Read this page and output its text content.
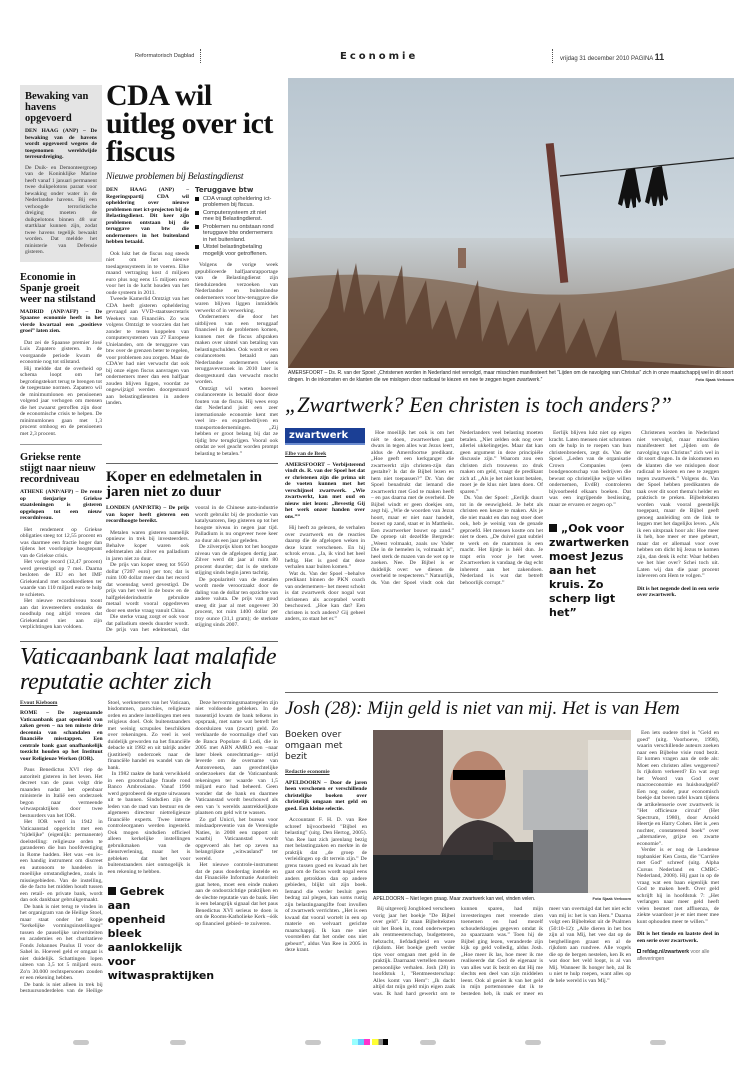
Reformatorisch Dagblad	Economie	vrijdag 31 december 2010 PAGINA 11
Bewaking van havens opgevoerd
DEN HAAG (ANP) – De bewaking van de havens wordt opgevoerd wegens de toegenomen wereldwijde terreurdreiging.
De Duik- en Demonteergroep van de Koninklijke Marine heeft vanaf 1 januari permanent twee duikpelotons paraat voor bewaking onder water in de Nederlandse havens. Bij een verhoogde terroristische dreiging moeten de duikpelotons binnen 48 uur startklaar kunnen zijn, zodat twee havens tegelijk bewaakt worden. Dat meldde het ministerie van Defensie gisteren.
Economie in Spanje groeit weer na stilstand

MADRID (ANP/AFP) – De Spaanse economie heeft in het vierde kwartaal een „positieve groei” laten zien.

Dat zei de Spaanse premier José Luis Zapatero gisteren. In de voorgaande periode kwam de economie nog tot stilstand.

Hij meldde dat de overheid op schema loopt om het begrotingstekort terug te brengen tot de toegestane normen. Zapatero wil de minimumlonen en pensioenen volgend jaar verhogen om mensen die het zwaarst getroffen zijn door de economische crisis te helpen. De minimumlonen gaan met 1,3 procent omhoog en de pensioenen met 2,3 procent.

Griekse rente stijgt naar nieuw recordniveau

ATHENE (ANP/AFP) – De rente op tienjarige Griekse staatsleningen is gisteren opgelopen tot een nieuw recordniveau.

Het rendement op Griekse obligaties steeg tot 12,55 procent en was daarmee een fractie hoger dan tijdens het voorlopige hoogtepunt van de Griekse crisis.

Het vorige record (12,47 procent) werd gevestigd op 7 mei. Daarna besloten de EU en het IMF Griekenland met noodkredieten ter waarde van 110 miljard euro te hulp te schieten.

Het nieuwe recordniveau toont aan dat investeerders ondanks de noodhulp nog altijd vrezen dat Griekenland niet aan zijn verplichtingen kan voldoen.

CDA wil uitleg over ict fiscus
Nieuwe problemen bij Belastingdienst

DEN HAAG (ANP) – Regeringspartij CDA wil opheldering over nieuwe problemen met ict-projecten bij de Belastingdienst. Dit keer zijn problemen ontstaan bij de teruggave van btw die ondernemers in het buitenland hebben betaald.

Ook lukt het de fiscus nog steeds niet om het nieuwe toeslagensysteem in te voeren. Elke maand vertraging kost 4 miljoen euro plus nog eens 15 miljoen euro voor het in de lucht houden van het oude systeem in 2011.

Tweede Kamerlid Omtzigt van het CDA heeft gisteren opheldering gevraagd aan VVD-staatssecretaris Weekers van Financiën. Zo was volgens Omtzigt te voorzien dat het zonder te testen koppelen van computersystemen van 27 Europese Unielanden, om de teruggave van btw over de grenzen beter te regelen, voor problemen zou zorgen. Maar de CDA'er had niet verwacht dat ook bij onze eigen fiscus aanvragen van ondernemers meer dan een halfjaar zouden blijven liggen, voordat ze ongewijzigd werden doorgestuurd aan belastingdiensten in andere landen.

Teruggave btw
CDA vraagt opheldering ict-problemen bij fiscus.
Computersysteem zit niet mee bij Belastingdienst.
Problemen nu ontstaan rond teruggave btw ondernemers in het buitenland.
Uitstel belastingbetaling mogelijk voor getroffenen.

Volgens de vorige week gepubliceerde halfjaarsrapportage van de Belastingdienst zijn tienduizenden verzoeken van Nederlandse en buitenlandse ondernemers voor btw-teruggave die waren blijven liggen inmiddels verwerkt of in verwerking.

Ondernemers die door het uitblijven van een teruggaaf financieel in de problemen komen, kunnen met de fiscus afspraken maken over uitstel van betaling van belastingschulden. Ook wordt er een coulancetoets betaald aan Nederlandse ondernemers wiens teruggaveverzoek in 2010 later is doorgestuurd dan verwacht mocht worden.

Omtzigt wil weten hoeveel coulancerente is betaald door deze fouten van de fiscus. Hij wees erop dat Nederland juist een zeer internationale economie kent met veel im- en exportbedrijven en transportondernemingen. „Zij hebben er groot belang bij dat ze tijdig btw terugkrijgen. Vooral ook omdat ze wel geacht worden prompt belasting te betalen.”

Koper en edelmetalen in jaren niet zo duur

LONDEN (ANP/RTR) – De prijs van koper heeft gisteren een recordhoogte bereikt.

Metalen waren gisteren namelijk opnieuw in trek bij investeerders. Behalve koper waren ook edelmetalen als zilver en palladium in jaren niet zo duur.

De prijs van koper steeg tot 9550 dollar (7207 euro) per ton; dat is ruim 100 dollar meer dan het record dat woensdag werd gevestigd. De prijs van het veel in de bouw en de halfgeleiderindustrie gebruikte metaal wordt vooral opgedreven door een sterke vraag vanuit China.

Die sterke vraag zorgt er ook voor dat palladium steeds duurder wordt. De prijs van het edelmetaal, dat vooral in de Chinese auto-industrie wordt gebruikt bij de productie van katalysatoren, liep gisteren op tot het hoogste niveau in negen jaar tijd. Palladium is nu ongeveer twee keer zo duur als een jaar geleden.

De zilverprijs klom tot het hoogste niveau van de afgelopen dertig jaar. Zilver werd dit jaar al ruim 80 procent duurder; dat is de sterkste stijging sinds begin jaren tachtig.

De populariteit van de metalen wordt mede veroorzaakt door de daling van de dollar ten opzichte van andere valuta. De prijs van goud steeg dit jaar al met ongeveer 30 procent, tot ruim 1400 dollar per troy ounce (31,1 gram); de sterkste stijging sinds 2007.

Vaticaanbank laat malafide reputatie achter zich

Evout Kieboom

ROME – De zogenaamde Vaticaanbank gaat openheid van zaken geven – na ten minste drie decennia van schandalen en financiële misstappen. Een centrale bank gaat onafhankelijk toezicht houden op het Instituut voor Religieuze Werken (IOR).

Paus Benedictus XVI riep de autoriteit gisteren in het leven. Het decreet van de paus volgt drie maanden nadat het openbaar ministerie in Italië een onderzoek begon naar vermeende witwaspraktijken door twee bestuurders van het IOR.

Het IOR werd in 1942 in Vaticaanstad opgericht met een "tijdelijke" (eigenlijk: permanente) doelstelling: religieuze orden te garanderen die hun hoofdvestiging in Rome hadden. Het was –en is– een handig instrument om discreet en autonoom te handelen in moeilijke omstandigheden, zoals in missiegebieden. Van de instelling, die de facto het midden houdt tussen een retail- en private bank, wordt dan ook dankbaar gebruikgemaakt.

De bank is niet terug te vinden in het organigram van de Heilige Stoel, maar staat onder het kopje "kerkelijke vormingsinstellingen" tussen de pauselijke universiteiten en academies en het charitatieve Fonds Johannes Paulus II voor de Sahel in. Hoeveel geld er omgaat is niet duidelijk. Schattingen lopen uiteen van 3,5 tot 5 miljard euro. Zo'n 30.000 rechtspersonen zouden er een rekening hebben.

De bank is niet alleen in trek bij bestuursonderdelen van de Heilige Stoel, werknemers van het Vaticaan, bisdommen, parochies, religieuze orden en andere instellingen met een religieus doel. Ook buitenstaanders met weinig scrupules beschikken over rekeningen. Zo veel is wel duidelijk geworden na het financiële debacle uit 1982 en uit talrijk ander (justitieel) onderzoek naar de financiële handel en wandel van de bank.

In 1982 raakte de bank verwikkeld in een grootschalige fraude rond Banco Ambrosiano. Vanaf 1990 werd geprobeerd de ergste uitwassen uit te bannen. Sindsdien zijn de leden van de raad van bestuur en de algemeen directeur nietreligieuze financiële experts. Twee interne controleorganen werden ingesteld. Ook mogen sindsdien officieel alleen kerkelijke instellingen gebruikmaken van de dienstverlening, maar het is gebleken dat het voor buitenstaanders niet onmogelijk is een rekening te hebben.

Gebrek aan openheid bleek aanlokkelijk voor witwaspraktijken

Deze hervormingsmaatregelen zijn niet voldoende gebleken. In de tussentijd kwam de bank telkens in opspraak, met name wat betreft het doorsluizen van (zwart) geld. Zo verklaarde de voormalige chef van de Banca Popolare di Lodi, die in 2005 met ABN AMRO een –naar later bleek onrechtmatige– strijd leverde om de overname van Antonveneta, aan gerechtelijke onderzoekers dat de Vaticaanbank rekeningen ter waarde van 1,5 miljard euro had beheerd. Geen wonder dat de bank en daarmee Vaticaanstad wordt beschouwd als een van 's werelds aantrekkelijkste plaatsen om geld wit te wassen.

Zo gaf Unicri, het bureau voor misdaadpreventie van de Verenigde Naties, in 2008 een rapport uit waarbij Vaticaanstad wordt opgevoerd als het op zeven na belangrijkste „witwasland” ter wereld.

Het nieuwe controle-instrument dat de paus donderdag instelde en dat Financiële Informatie Autoriteit gaat heten, moet een einde maken aan de ondoorzichtige praktijken en de slechte reputatie van de bank. Het is een belangrijk signaal dat het paus Benedictus XVI serieus te doen is om de Rooms-Katholieke Kerk –óók op financieel gebied– te zuiveren.

AMERSFOORT – Ds. R. van der Spoel: „Christenen worden in Nederland niet vervolgd, maar misschien manifesteert het "Lijden om de navolging van Christus" zich in onze maatschappij wel in dit soort dingen. In de inkomsten en de klanten die we mislopen door radicaal te kiezen en nee te zeggen tegen zwartwerk.”	Foto Sjaak Verboom
„Zwartwerk? Een christen is toch anders?”
zwartwerk

Elbe van de Beek

AMERSFOORT – Verbijsterend vindt ds. R. van der Spoel het dat er christenen zijn die prima uit de voeten kunnen met het verschijnsel zwartwerk. „Wie zwartwerkt, kan met oud en nieuw niet lezen: „Bevestig Gij het werk onzer handen over ons.””

Hij heeft zo gelezen, de verhalen over zwartwerk en de reacties daarop die de afgelopen weken in deze krant verschenen. En hij schrok ervan. „Ja, ik vind het heel heftig. Het is goed dat deze verhalen naar buiten komen.”

Wat ds. Van der Spoel –behalve predikant binnen de PKN coach van ondernemers– het meest schokt is dat zwartwerk door nogal wat christenen als acceptabel wordt beschouwd. „Hoe kan dat? Een christen is toch anders? Gij geheel anders, zo staat het er.”

Hoe moeilijk het ook is om het níét te doen, zwartwerken gaat dwars in tegen alles wat Jezus leert, aldus de Amersfoortse predikant. „Hoe geeft een kerkganger die zwartwerkt zijn christen-zijn dan gestalte? Is dat de Bijbel lezen en hem niet toepassen?” Dr. Van der Spoel benadrukt dat iemand die zwartwerkt met God te maken heeft – en pas daarna met de overheid. De Bijbel windt er geen doekjes om, zegt hij. „Wie de woorden van Jezus hoort, maar er niet naar handelt, bouwt op zand, staat er in Mattheüs. Een zwartwerker bouwt op zand.” De oproep uit dezelfde Bergrede: „Weest volmaakt, zoals uw Vader Die in de hemelen is, volmaakt is”, heel sterk de mazen van de wet op te zoeken. Nee. De Bijbel is er duidelijk over: we dienen de overheid te respecteren.” Natuurlijk, ds. Van der Spoel vindt ook dat Nederlanders veel belasting moeten betalen. „Niet zelden ook nog over allerlei ukkelingetjes. Maar dat kan geen argument in deze principiële discussie zijn.” Waarom zou een christen zich trouwens zo druk maken om geld, vraagt de predikant zich af. „Als je het niet kunt betalen, moet je de klus niet laten doen. Of sparen.”

Ds. Van der Spoel: „Eerlijk duurt tot in de eeuwigheid. Je hebt als christen een keuze te maken. Als je die niet maakt en dan nog stoer doet ook, heb je weinig van de genade geproefd. Het mensen kostte om het niet te doen. „De duivel gaat subtiel te werk en de mammon is een macht. Het lijntje is héél dun. Je trapt erin voor je het weet. Zwartwerken is vandaag de dag echt inherent aan het zakendoen. Nederland is wat dat betreft behoorlijk corrupt.”

Eerlijk blijven lukt niet op eigen kracht. Laten mensen niet schromen om de hulp in te roepen van hun christenbroeders, zegt ds. Van der Spoel. „Leden van de organisatie Crown Companies (een bondgenootschap van bedrijven die bewust op christelijke wijze willen ondernemen, EvdB) controleren bijvoorbeeld elkaars boeken. Dat was een ingrijpende beslissing, maar ze ervaren er zegen op.”

„Ook voor zwartwerken moest Jezus aan het kruis. Zo scherp ligt het”

Christenen worden in Nederland niet vervolgd, maar misschien manifesteert het „lijden om de navolging van Christus” zich wel in dit soort dingen. In de inkomsten en de klanten die we mislopen door radicaal te kiezen en nee te zeggen tegen zwartwerk.” Volgens ds. Van der Spoel hebben predikanten de taak over dit soort thema's helder en praktisch te preken. Bijbelteksten worden vaak vooral geestelijk toegepast, maar de Bijbel geeft genoeg aanleiding om de link te leggen met het dagelijks leven. „Als ik een uitspraak hoor als: Hoe meer ik heb, hoe meer er mee gebeurt, maar dat er allemaal voor over hebben om dicht bij Jezus te komen zijn, dan denk ik echt: Waar hebben we het hier over? Schei toch uit. Laten wij dan die paar procent inleveren om Hem te volgen.”

Dit is het negende deel in een serie over zwartwerk.
Josh (28): Mijn geld is niet van mij. Het is van Hem
Boeken over omgaan met bezit

Redactie economie

APELDOORN – Door de jaren heen verschenen er verschillende christelijke boeken over christelijk omgaan met geld en goed. Een kleine selectie.

Accountant F. H. D. van Ree schreef bijvoorbeeld "Bijbel en belasting" (uitg. Den Hertog, 2005). Van Ree laat zich jarenlang bezig met belastingzaken en merkte in de praktijk dat „de groep de verleidingen op dit terrein zijn.” De grens tussen goed en kwaad als het gaat om de fiscus wordt nogal eens anders getrokken dan op andere gebieden, blijkt uit zijn boek. Iemand die verder besluit geen bedrag zal plegen, kan soms rustig zijn belastingaangifte fout invullen of zwartwerk verrichten. „Het is een kwaad dat vooral wortelt in een op materie en welvaart gerichte maatschappij. Ik kan me niet voorstellen dat het onder ons niet gebeurt”, aldus Van Ree in 2005 in deze krant.

APELDOORN – Niet legen graag. Maar zwartwerk kan wel, vinden velen.	Foto Sjaak Verboom

Bij uitgeverij Jongbloed verscheen vorig jaar het boekje "De Bijbel over geld". Er staan Bijbelteksten uit het Boek in, rond onderwerpen als rentmeesterschap, budgetteren, hebzucht, liefdadigheid en ware rijkdom. Het boekje geeft verder tips voor omgaan met geld in de praktijk. Daarnaast vertellen mensen persoonlijke verhalen. Josh (28) in hoofdstuk 1, "Rentmeesterschap: Alles komt van Hem": „Ik dacht altijd dat mijn geld mijn eigen zaak was. Ik had hard gewerkt om te kunnen sparen, had mijn investeringen met vreemde zien toenemen en had mezelf schouderklopjes gegeven omdat ik zo spaarzaam was.” Toen hij de Bijbel ging lezen, veranderde zijn kijk op geld volledig, aldus Josh. „Hoe meer ik las, hoe meer ik me realiseerde dat God de eigenaar is van alles wat ik bezit en dat Hij me slechts een deel van zijn middelen leent. Ook al geniet ik van het geld in mijn portemonnee dat ik te besteden heb, ik raak er meer en meer van overtuigd dat het niet echt van mij is: het is van Hem.” Daarna volgt een Bijbeltekst uit de Psalmen (50:10-12): „Alle dieren in het bos zijn al van Mij, het vee dat op de berghellingen graast en al de rijkdom aan rundvee. Alle vogels die op de bergen nestelen, ken Ik en wat door het veld loopt, is al van Mij. Wanneer Ik honger heb, zal Ik u niet te hulp roepen, want alles op de hele wereld is van Mij.”

Een iets oudere titel is "Geld en goed" (uitg. Voorhoeve, 1998), waarin verschillende auteurs zoeken naar een Bijbelse visie rond bezit. Er komen vragen aan de orde als: Moet een christen alles weggeven? Is rijkdom verkeerd? En wat zegt het Woord van God over macroeconomie en huishoudgeld? Een nog ouder, puur economisch boekje dat boven tafel kwam tijdens de artikelenserie over zwartwerk is "Het officieuze circuit" (Het Spectrum, 1980), door Arnold Heertje en Harry Cohen. Het is „een nuchter, constaterend boek” over „alternatieve, grijze en zwarte economie”.

Verder is er nog de Londense topbankier Ken Costa, die "Carrière met God" schreef (uitg. Alpha Cursus Nederland en CMBC-Nederland, 2008). Hij gaat in op de vraag wat een baan eigenlijk met God te maken heeft. Over geld schrijft hij in hoofdstuk 7: „Het verlangen naar meer geld heeft velen besmet met affluenza, de ziekte waardoor je er niet meer mee kunt ophouden meer te willen.”

Dit is het tiende en laatste deel in een serie over zwartwerk.
refdag.nl/zwartwerk voor alle afleveringen
